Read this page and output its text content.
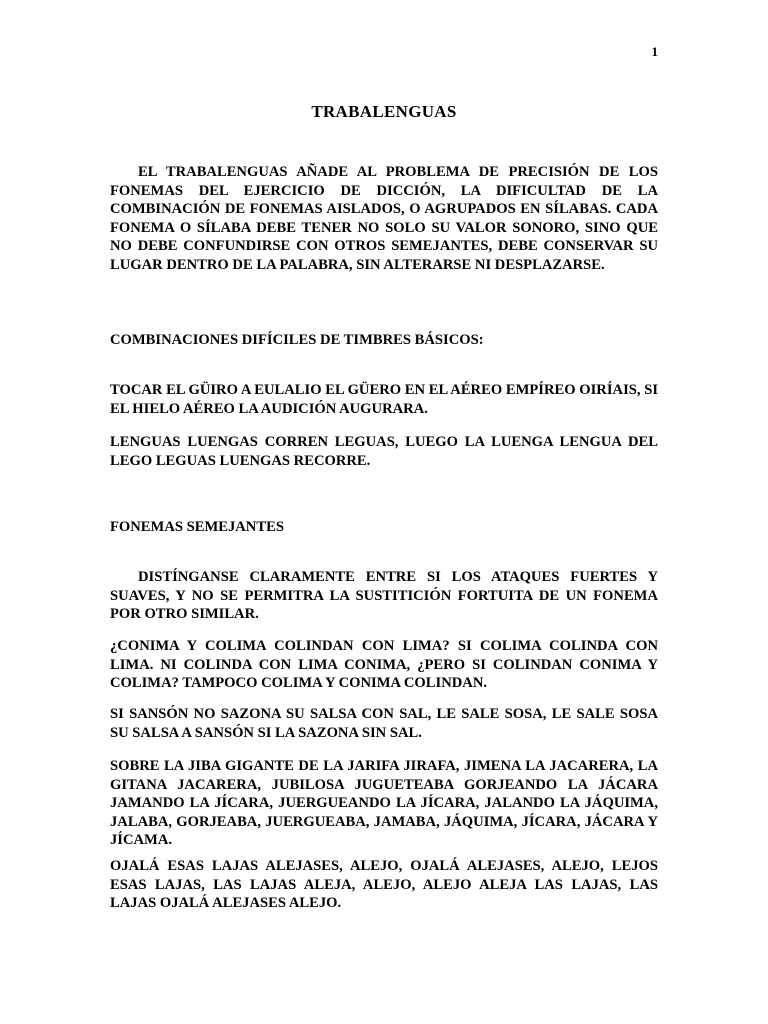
1
TRABALENGUAS

EL TRABALENGUAS AÑADE AL PROBLEMA DE PRECISIÓN DE LOS FONEMAS DEL EJERCICIO DE DICCIÓN, LA DIFICULTAD DE LA COMBINACIÓN DE FONEMAS AISLADOS, O AGRUPADOS EN SÍLABAS. CADA FONEMA O SÍLABA DEBE TENER NO SOLO SU VALOR SONORO, SINO QUE NO DEBE CONFUNDIRSE CON OTROS SEMEJANTES, DEBE CONSERVAR SU LUGAR DENTRO DE LA PALABRA, SIN ALTERARSE NI DESPLAZARSE.

COMBINACIONES DIFÍCILES DE TIMBRES BÁSICOS:

TOCAR EL GÜIRO A EULALIO EL GÜERO EN EL AÉREO EMPÍREO OIRÍAIS, SI EL HIELO AÉREO LA AUDICIÓN AUGURARA.

LENGUAS LUENGAS CORREN LEGUAS, LUEGO LA LUENGA LENGUA DEL LEGO LEGUAS LUENGAS RECORRE.

FONEMAS SEMEJANTES

DISTÍNGANSE CLARAMENTE ENTRE SI LOS ATAQUES FUERTES Y SUAVES, Y NO SE PERMITRA LA SUSTITICIÓN FORTUITA DE UN FONEMA POR OTRO SIMILAR.

¿CONIMA Y COLIMA COLINDAN CON LIMA? SI COLIMA COLINDA CON LIMA. NI COLINDA CON LIMA CONIMA, ¿PERO SI COLINDAN CONIMA Y COLIMA? TAMPOCO COLIMA Y CONIMA COLINDAN.

SI SANSÓN NO SAZONA SU SALSA CON SAL, LE SALE SOSA, LE SALE SOSA SU SALSA A SANSÓN SI LA SAZONA SIN SAL.

SOBRE LA JIBA GIGANTE DE LA JARIFA JIRAFA, JIMENA LA JACARERA, LA GITANA JACARERA, JUBILOSA JUGUETEABA GORJEANDO LA JÁCARA JAMANDO LA JÍCARA, JUERGUEANDO LA JÍCARA, JALANDO LA JÁQUIMA, JALABA, GORJEABA, JUERGUEABA, JAMABA, JÁQUIMA, JÍCARA, JÁCARA Y JÍCAMA.

OJALÁ ESAS LAJAS ALEJASES, ALEJO, OJALÁ ALEJASES, ALEJO, LEJOS ESAS LAJAS, LAS LAJAS ALEJA, ALEJO, ALEJO ALEJA LAS LAJAS, LAS LAJAS OJALÁ ALEJASES ALEJO.
